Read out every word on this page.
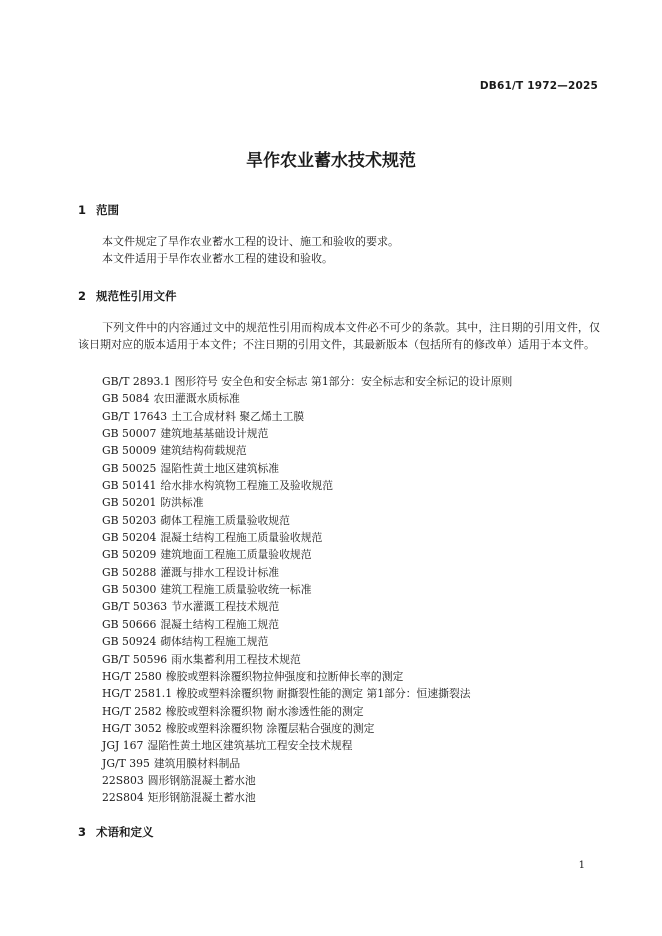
DB61/T 1972—2025
旱作农业蓄水技术规范
1 范围
本文件规定了旱作农业蓄水工程的设计、施工和验收的要求。
本文件适用于旱作农业蓄水工程的建设和验收。
2 规范性引用文件
下列文件中的内容通过文中的规范性引用而构成本文件必不可少的条款。其中，注日期的引用文件，仅该日期对应的版本适用于本文件；不注日期的引用文件，其最新版本（包括所有的修改单）适用于本文件。
GB/T 2893.1 图形符号 安全色和安全标志 第1部分：安全标志和安全标记的设计原则
GB 5084 农田灌溉水质标准
GB/T 17643 土工合成材料 聚乙烯土工膜
GB 50007 建筑地基基础设计规范
GB 50009 建筑结构荷载规范
GB 50025 湿陷性黄土地区建筑标准
GB 50141 给水排水构筑物工程施工及验收规范
GB 50201 防洪标准
GB 50203 砌体工程施工质量验收规范
GB 50204 混凝土结构工程施工质量验收规范
GB 50209 建筑地面工程施工质量验收规范
GB 50288 灌溉与排水工程设计标准
GB 50300 建筑工程施工质量验收统一标准
GB/T 50363 节水灌溉工程技术规范
GB 50666 混凝土结构工程施工规范
GB 50924 砌体结构工程施工规范
GB/T 50596 雨水集蓄利用工程技术规范
HG/T 2580 橡胶或塑料涂覆织物拉伸强度和拉断伸长率的测定
HG/T 2581.1 橡胶或塑料涂覆织物 耐撕裂性能的测定 第1部分：恒速撕裂法
HG/T 2582 橡胶或塑料涂覆织物 耐水渗透性能的测定
HG/T 3052 橡胶或塑料涂覆织物 涂覆层粘合强度的测定
JGJ 167 湿陷性黄土地区建筑基坑工程安全技术规程
JG/T 395 建筑用膜材料制品
22S803 圆形钢筋混凝土蓄水池
22S804 矩形钢筋混凝土蓄水池
3 术语和定义
1
